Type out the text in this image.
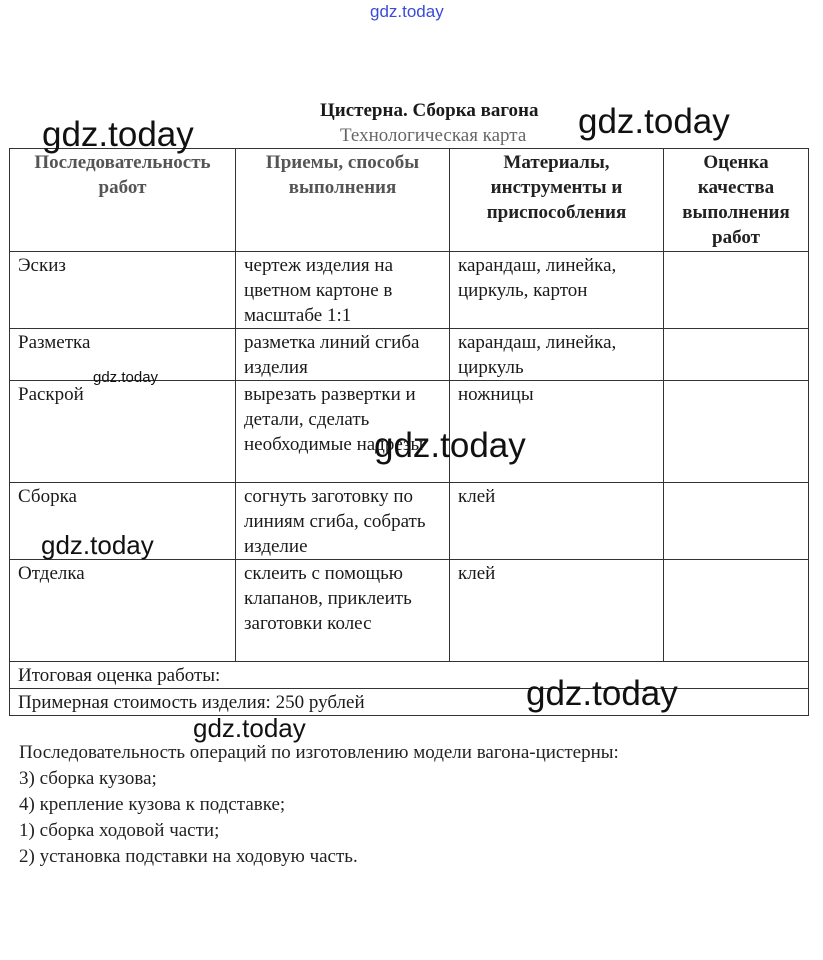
gdz.today
gdz.today	gdz.today
gdz.today
gdz.today
gdz.today
gdz.today
gdz.today
Цистерна. Сборка вагона
Технологическая карта
Последовательность работ	Приемы, способы выполнения	Материалы, инструменты и приспособления	Оценка качества выполнения работ
Эскиз	чертеж изделия на цветном картоне в масштабе 1:1	карандаш, линейка, циркуль, картон	
Разметка	разметка линий сгиба изделия	карандаш, линейка, циркуль	
Раскрой	вырезать развертки и детали, сделать необходимые надрезы	ножницы	
Сборка	согнуть заготовку по линиям сгиба, собрать изделие	клей	
Отделка	склеить с помощью клапанов, приклеить заготовки колес	клей	
Итоговая оценка работы:			
Примерная стоимость изделия: 250 рублей			
Последовательность операций по изготовлению модели вагона-цистерны:
3) сборка кузова;
4) крепление кузова к подставке;
1) сборка ходовой части;
2) установка подставки на ходовую часть.
